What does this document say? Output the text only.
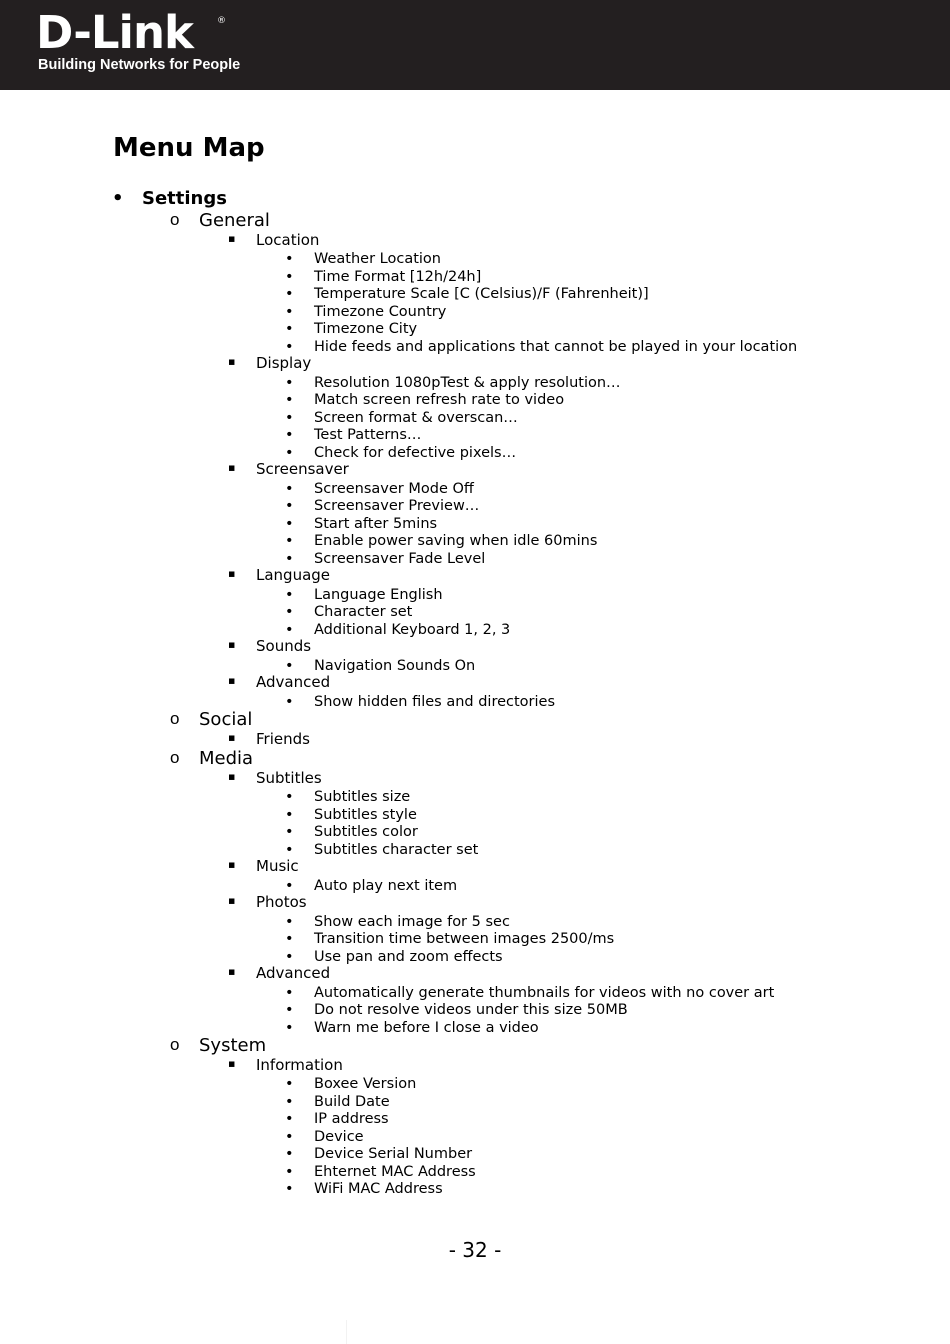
D-Link	®
Building Networks for People
Menu Map
• Settings
o General
▪ Location
• Weather Location
• Time Format [12h/24h]
• Temperature Scale [C (Celsius)/F (Fahrenheit)]
• Timezone Country
• Timezone City
• Hide feeds and applications that cannot be played in your location
▪ Display
• Resolution 1080pTest & apply resolution…
• Match screen refresh rate to video
• Screen format & overscan…
• Test Patterns…
• Check for defective pixels…
▪ Screensaver
• Screensaver Mode Off
• Screensaver Preview…
• Start after 5mins
• Enable power saving when idle 60mins
• Screensaver Fade Level
▪ Language
• Language English
• Character set
• Additional Keyboard 1, 2, 3
▪ Sounds
• Navigation Sounds On
▪ Advanced
• Show hidden files and directories
o Social
▪ Friends
o Media
▪ Subtitles
• Subtitles size
• Subtitles style
• Subtitles color
• Subtitles character set
▪ Music
• Auto play next item
▪ Photos
• Show each image for 5 sec
• Transition time between images 2500/ms
• Use pan and zoom effects
▪ Advanced
• Automatically generate thumbnails for videos with no cover art
• Do not resolve videos under this size 50MB
• Warn me before I close a video
o System
▪ Information
• Boxee Version
• Build Date
• IP address
• Device
• Device Serial Number
• Ehternet MAC Address
• WiFi MAC Address
- 32 -
